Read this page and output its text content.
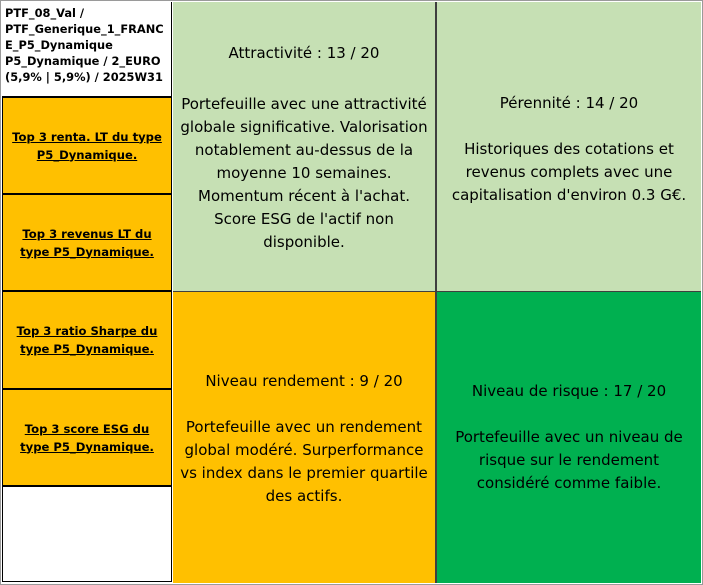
PTF_08_Val /
PTF_Generique_1_FRANC
E_P5_Dynamique
P5_Dynamique / 2_EURO
(5,9% | 5,9%) / 2025W31
Top 3 renta. LT du type P5_Dynamique.
Top 3 revenus LT du type P5_Dynamique.
Top 3 ratio Sharpe du type P5_Dynamique.
Top 3 score ESG du type P5_Dynamique.
Attractivité : 13 / 20
Portefeuille avec une attractivité globale significative. Valorisation notablement au-dessus de la moyenne 10 semaines. Momentum récent à l'achat. Score ESG de l'actif non disponible.
Pérennité : 14 / 20
Historiques des cotations et revenus complets avec une capitalisation d'environ 0.3 G€.
Niveau rendement : 9 / 20
Portefeuille avec un rendement global modéré. Surperformance vs index dans le premier quartile des actifs.
Niveau de risque : 17 / 20
Portefeuille avec un niveau de risque sur le rendement considéré comme faible.
